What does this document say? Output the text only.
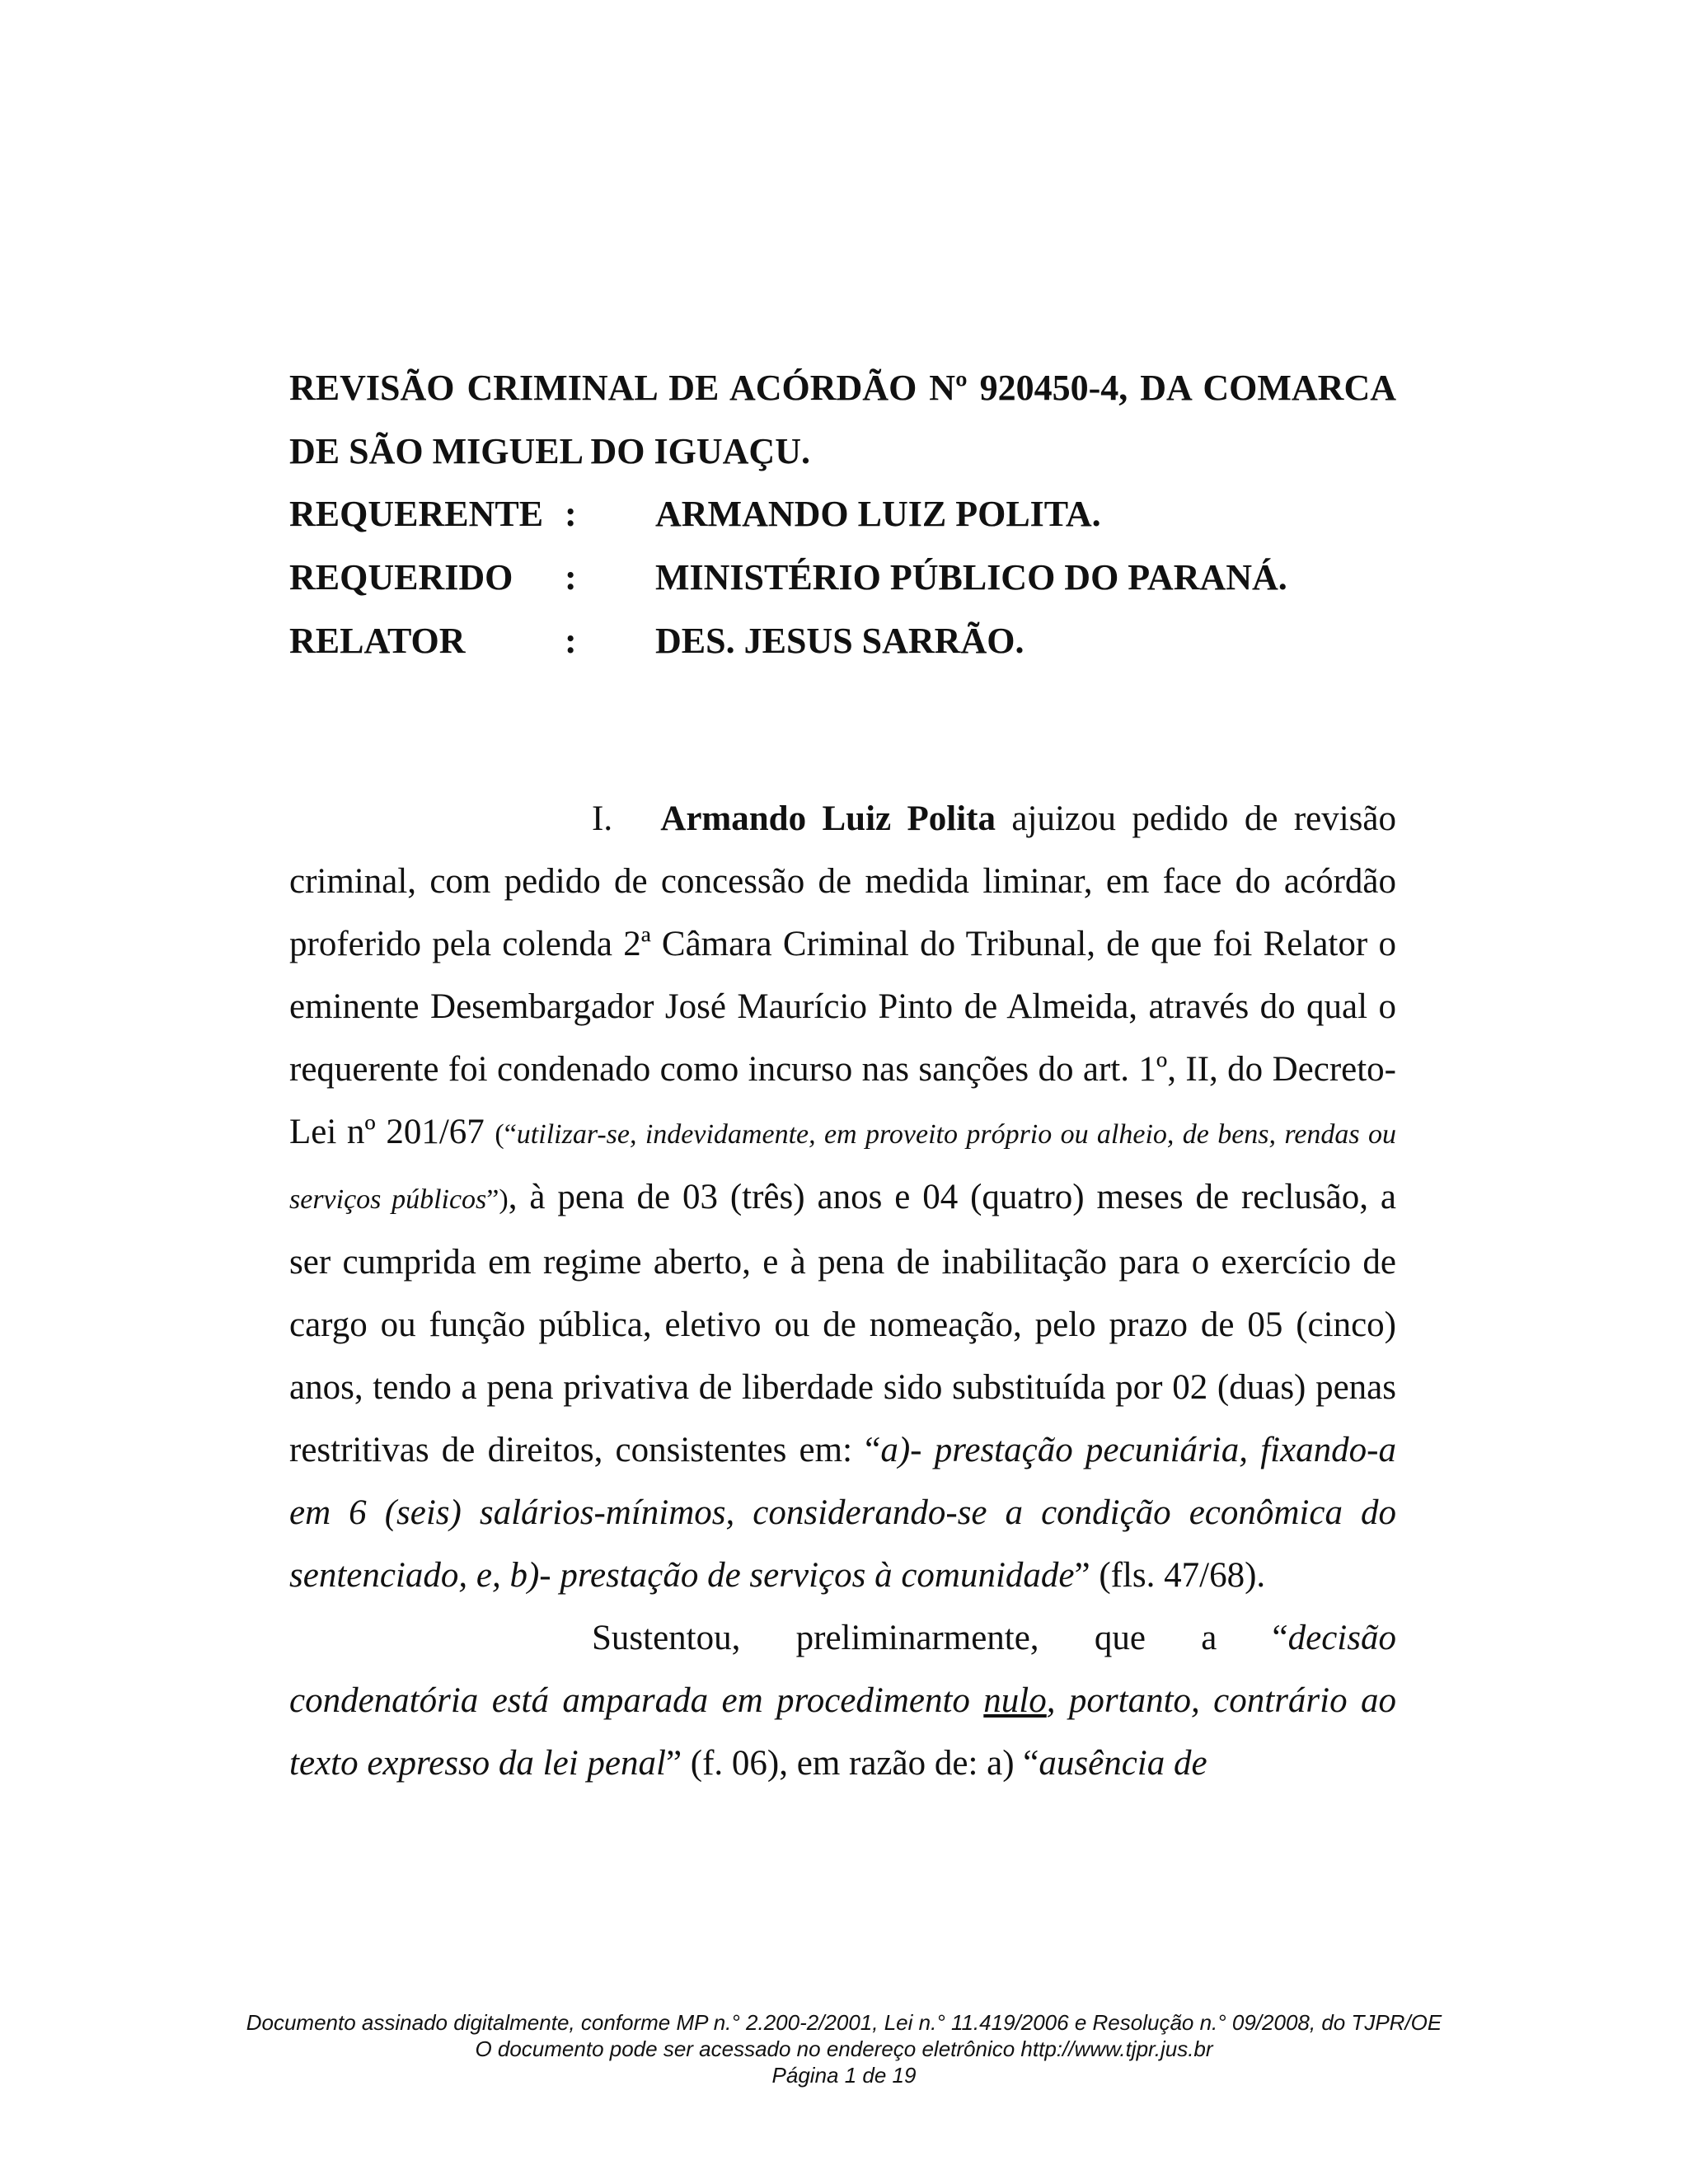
REVISÃO CRIMINAL DE ACÓRDÃO Nº 920450-4, DA COMARCA
DE SÃO MIGUEL DO IGUAÇU.
REQUERENTE : ARMANDO LUIZ POLITA.
REQUERIDO : MINISTÉRIO PÚBLICO DO PARANÁ.
RELATOR	: DES. JESUS SARRÃO.

I. Armando Luiz Polita ajuizou pedido de revisão criminal, com pedido de concessão de medida liminar, em face do acórdão proferido pela colenda 2ª Câmara Criminal do Tribunal, de que foi Relator o eminente Desembargador José Maurício Pinto de Almeida, através do qual o requerente foi condenado como incurso nas sanções do art. 1º, II, do Decreto-Lei nº 201/67 (“utilizar-se, indevidamente, em proveito próprio ou alheio, de bens, rendas ou serviços públicos”), à pena de 03 (três) anos e 04 (quatro) meses de reclusão, a ser cumprida em regime aberto, e à pena de inabilitação para o exercício de cargo ou função pública, eletivo ou de nomeação, pelo prazo de 05 (cinco) anos, tendo a pena privativa de liberdade sido substituída por 02 (duas) penas restritivas de direitos, consistentes em: “a)- prestação pecuniária, fixando-a em 6 (seis) salários-mínimos, considerando-se a condição econômica do sentenciado, e, b)- prestação de serviços à comunidade” (fls. 47/68).

Sustentou, preliminarmente, que a “decisão condenatória está amparada em procedimento nulo, portanto, contrário ao texto expresso da lei penal” (f. 06), em razão de: a) “ausência de

Documento assinado digitalmente, conforme MP n.° 2.200-2/2001, Lei n.° 11.419/2006 e Resolução n.° 09/2008, do TJPR/OE
O documento pode ser acessado no endereço eletrônico http://www.tjpr.jus.br
Página 1 de 19
